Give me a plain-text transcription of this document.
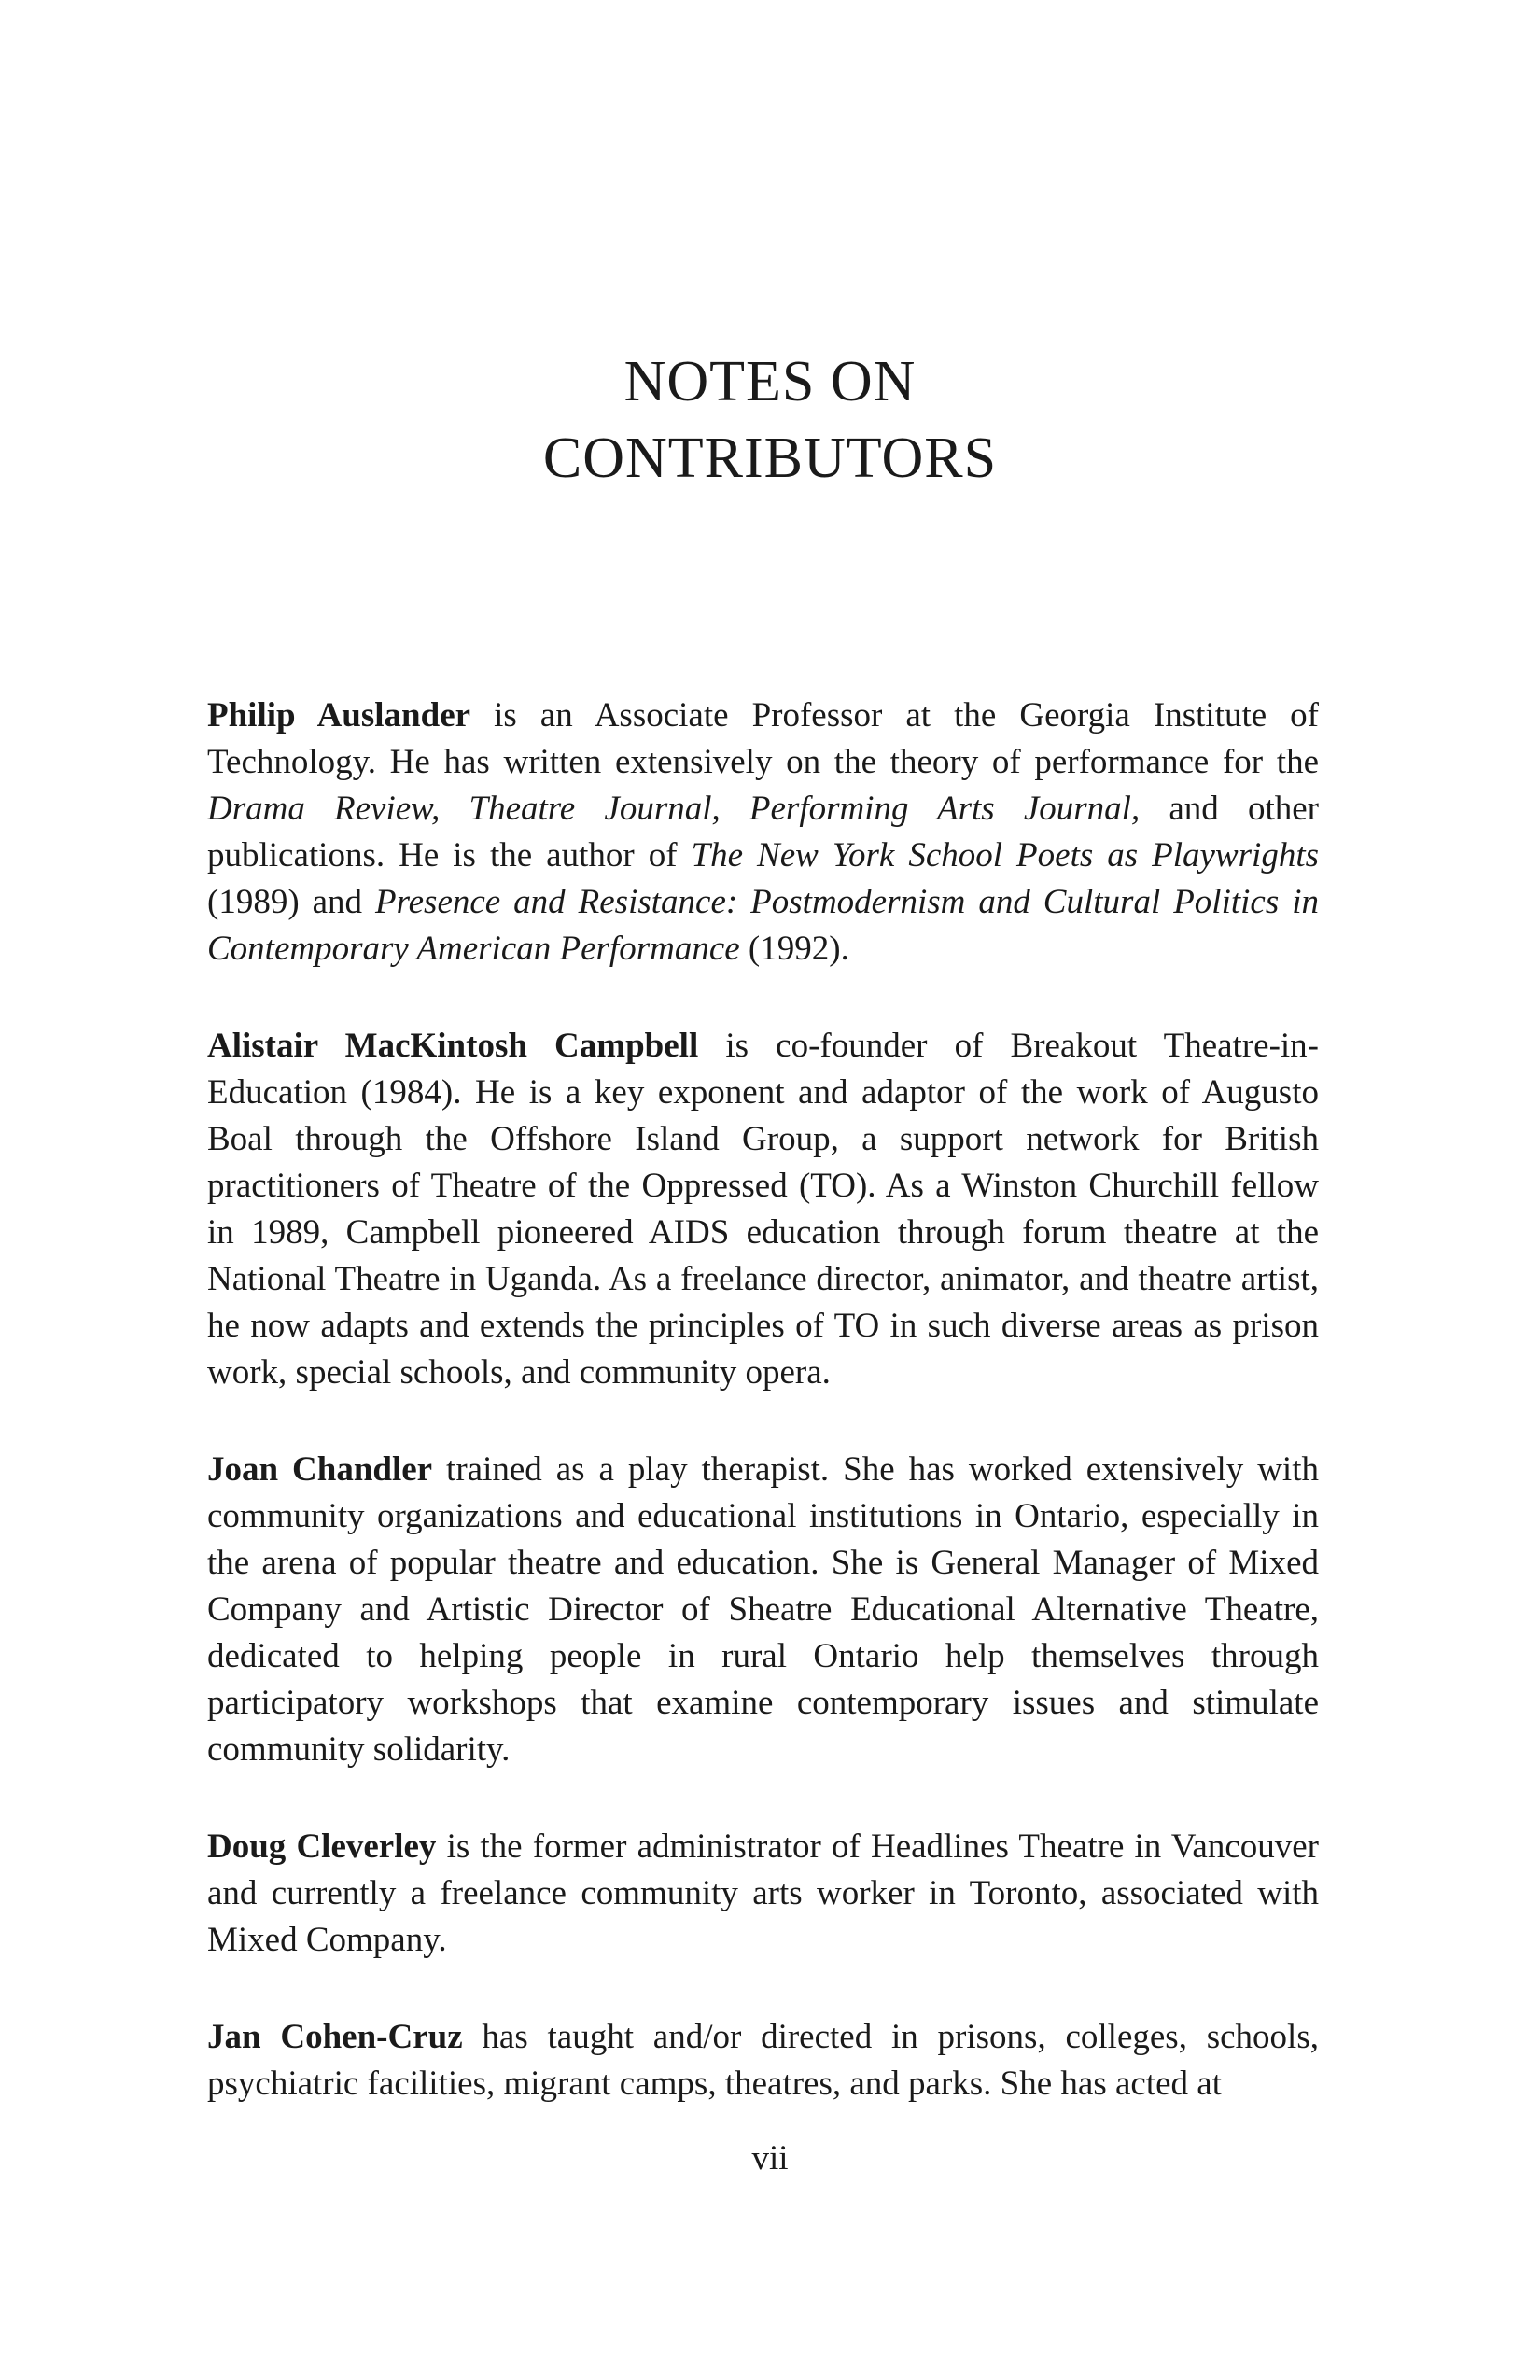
NOTES ON
CONTRIBUTORS

Philip Auslander is an Associate Professor at the Georgia Institute of Technology. He has written extensively on the theory of performance for the Drama Review, Theatre Journal, Performing Arts Journal, and other publications. He is the author of The New York School Poets as Playwrights (1989) and Presence and Resistance: Postmodernism and Cultural Politics in Contemporary American Performance (1992).

Alistair MacKintosh Campbell is co-founder of Breakout Theatre-in-Education (1984). He is a key exponent and adaptor of the work of Augusto Boal through the Offshore Island Group, a support network for British practitioners of Theatre of the Oppressed (TO). As a Winston Churchill fellow in 1989, Campbell pioneered AIDS education through forum theatre at the National Theatre in Uganda. As a freelance director, animator, and theatre artist, he now adapts and extends the principles of TO in such diverse areas as prison work, special schools, and community opera.

Joan Chandler trained as a play therapist. She has worked extensively with community organizations and educational institutions in Ontario, especially in the arena of popular theatre and education. She is General Manager of Mixed Company and Artistic Director of Sheatre Educational Alternative Theatre, dedicated to helping people in rural Ontario help themselves through participatory workshops that examine contemporary issues and stimulate community solidarity.

Doug Cleverley is the former administrator of Headlines Theatre in Vancouver and currently a freelance community arts worker in Toronto, associated with Mixed Company.

Jan Cohen-Cruz has taught and/or directed in prisons, colleges, schools, psychiatric facilities, migrant camps, theatres, and parks. She has acted at

vii
